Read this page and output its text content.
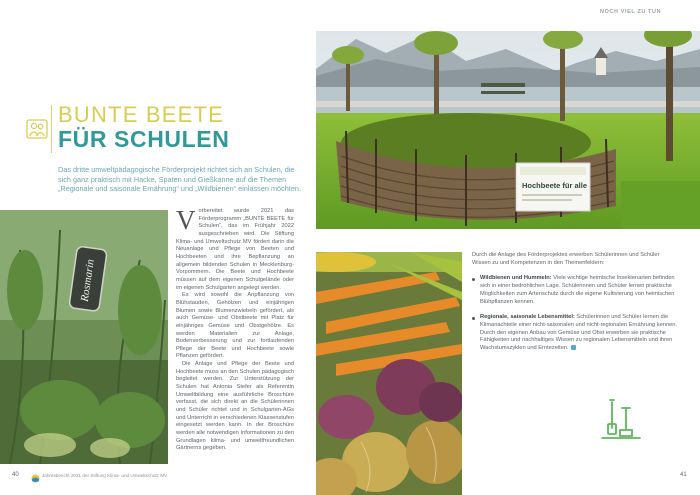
NOCH VIEL ZU TUN
BUNTE BEETE
FÜR SCHULEN
Das dritte umweltpädagogische Förderprojekt richtet sich an Schulen, die sich ganz praktisch mit Hacke, Spaten und Gießkanne auf die Themen „Regionale und saisonale Ernährung“ und „Wildbienen“ einlassen möchten.	Hochbeete für alle
Rosmarin

Vorbereitet wurde 2021 das Förderprogramm „BUNTE BEETE für Schulen“, das im Frühjahr 2022 ausgeschrieben wird. Die Stiftung Klima- und Umweltschutz MV fördert darin die Neuanlage und Pflege von Beeten und Hochbeeten und ihre Bepflanzung an allgemein bildenden Schulen in Mecklenburg-Vorpommern. Die Beete und Hochbeete müssen auf dem eigenen Schulgelände oder im eigenen Schulgarten angelegt werden.

Es wird sowohl die Anpflanzung von Blühstauden, Gehölzen und einjährigen Blumen sowie Blumenzwiebeln gefördert, als auch Gemüse- und Obstbeete mit Platz für einjähriges Gemüse und Obstgehölze. Es werden Materialien zur Anlage, Bodenverbesserung und zur fortlaufenden Pflege der Beete und Hochbeete sowie Pflanzen gefördert.

Die Anlage und Pflege der Beete und Hochbeete muss an den Schulen pädagogisch begleitet werden. Zur Unterstützung der Schulen hat Antonia Stefer als Referentin Umweltbildung eine ausführliche Broschüre verfasst, die sich direkt an die Schülerinnen und Schüler richtet und in Schulgarten-AGs und Unterricht in verschiedenen Klassenstufen eingesetzt werden kann. In der Broschüre werden alle notwendigen Informationen zu den Grundlagen klima- und umweltfreundlichen Gärtnerns gegeben.

Durch die Anlage des Förderprojektes erwerben Schülerinnen und Schüler Wissen zu und Kompetenzen in den Themenfeldern:

Wildbienen und Hummeln: Viele wichtige heimische Insektenarten befinden sich in einer bedrohlichen Lage. Schülerinnen und Schüler lernen praktische Möglichkeiten zum Artenschutz durch die eigene Kultivierung von heimischen Blühpflanzen kennen.
Regionale, saisonale Lebensmittel: Schülerinnen und Schüler lernen die Klimanachteile einer nicht-saisonalen und nicht-regionalen Ernährung kennen. Durch den eigenen Anbau von Gemüse und Obst erwerben sie praktische Fähigkeiten und nachhaltiges Wissen zu regionalen Lebensmitteln und ihren Wachstumszyklen und Erntezeiten.
40	Jahresbericht 2021 der Stiftung Klima- und Umweltschutz MV	41
